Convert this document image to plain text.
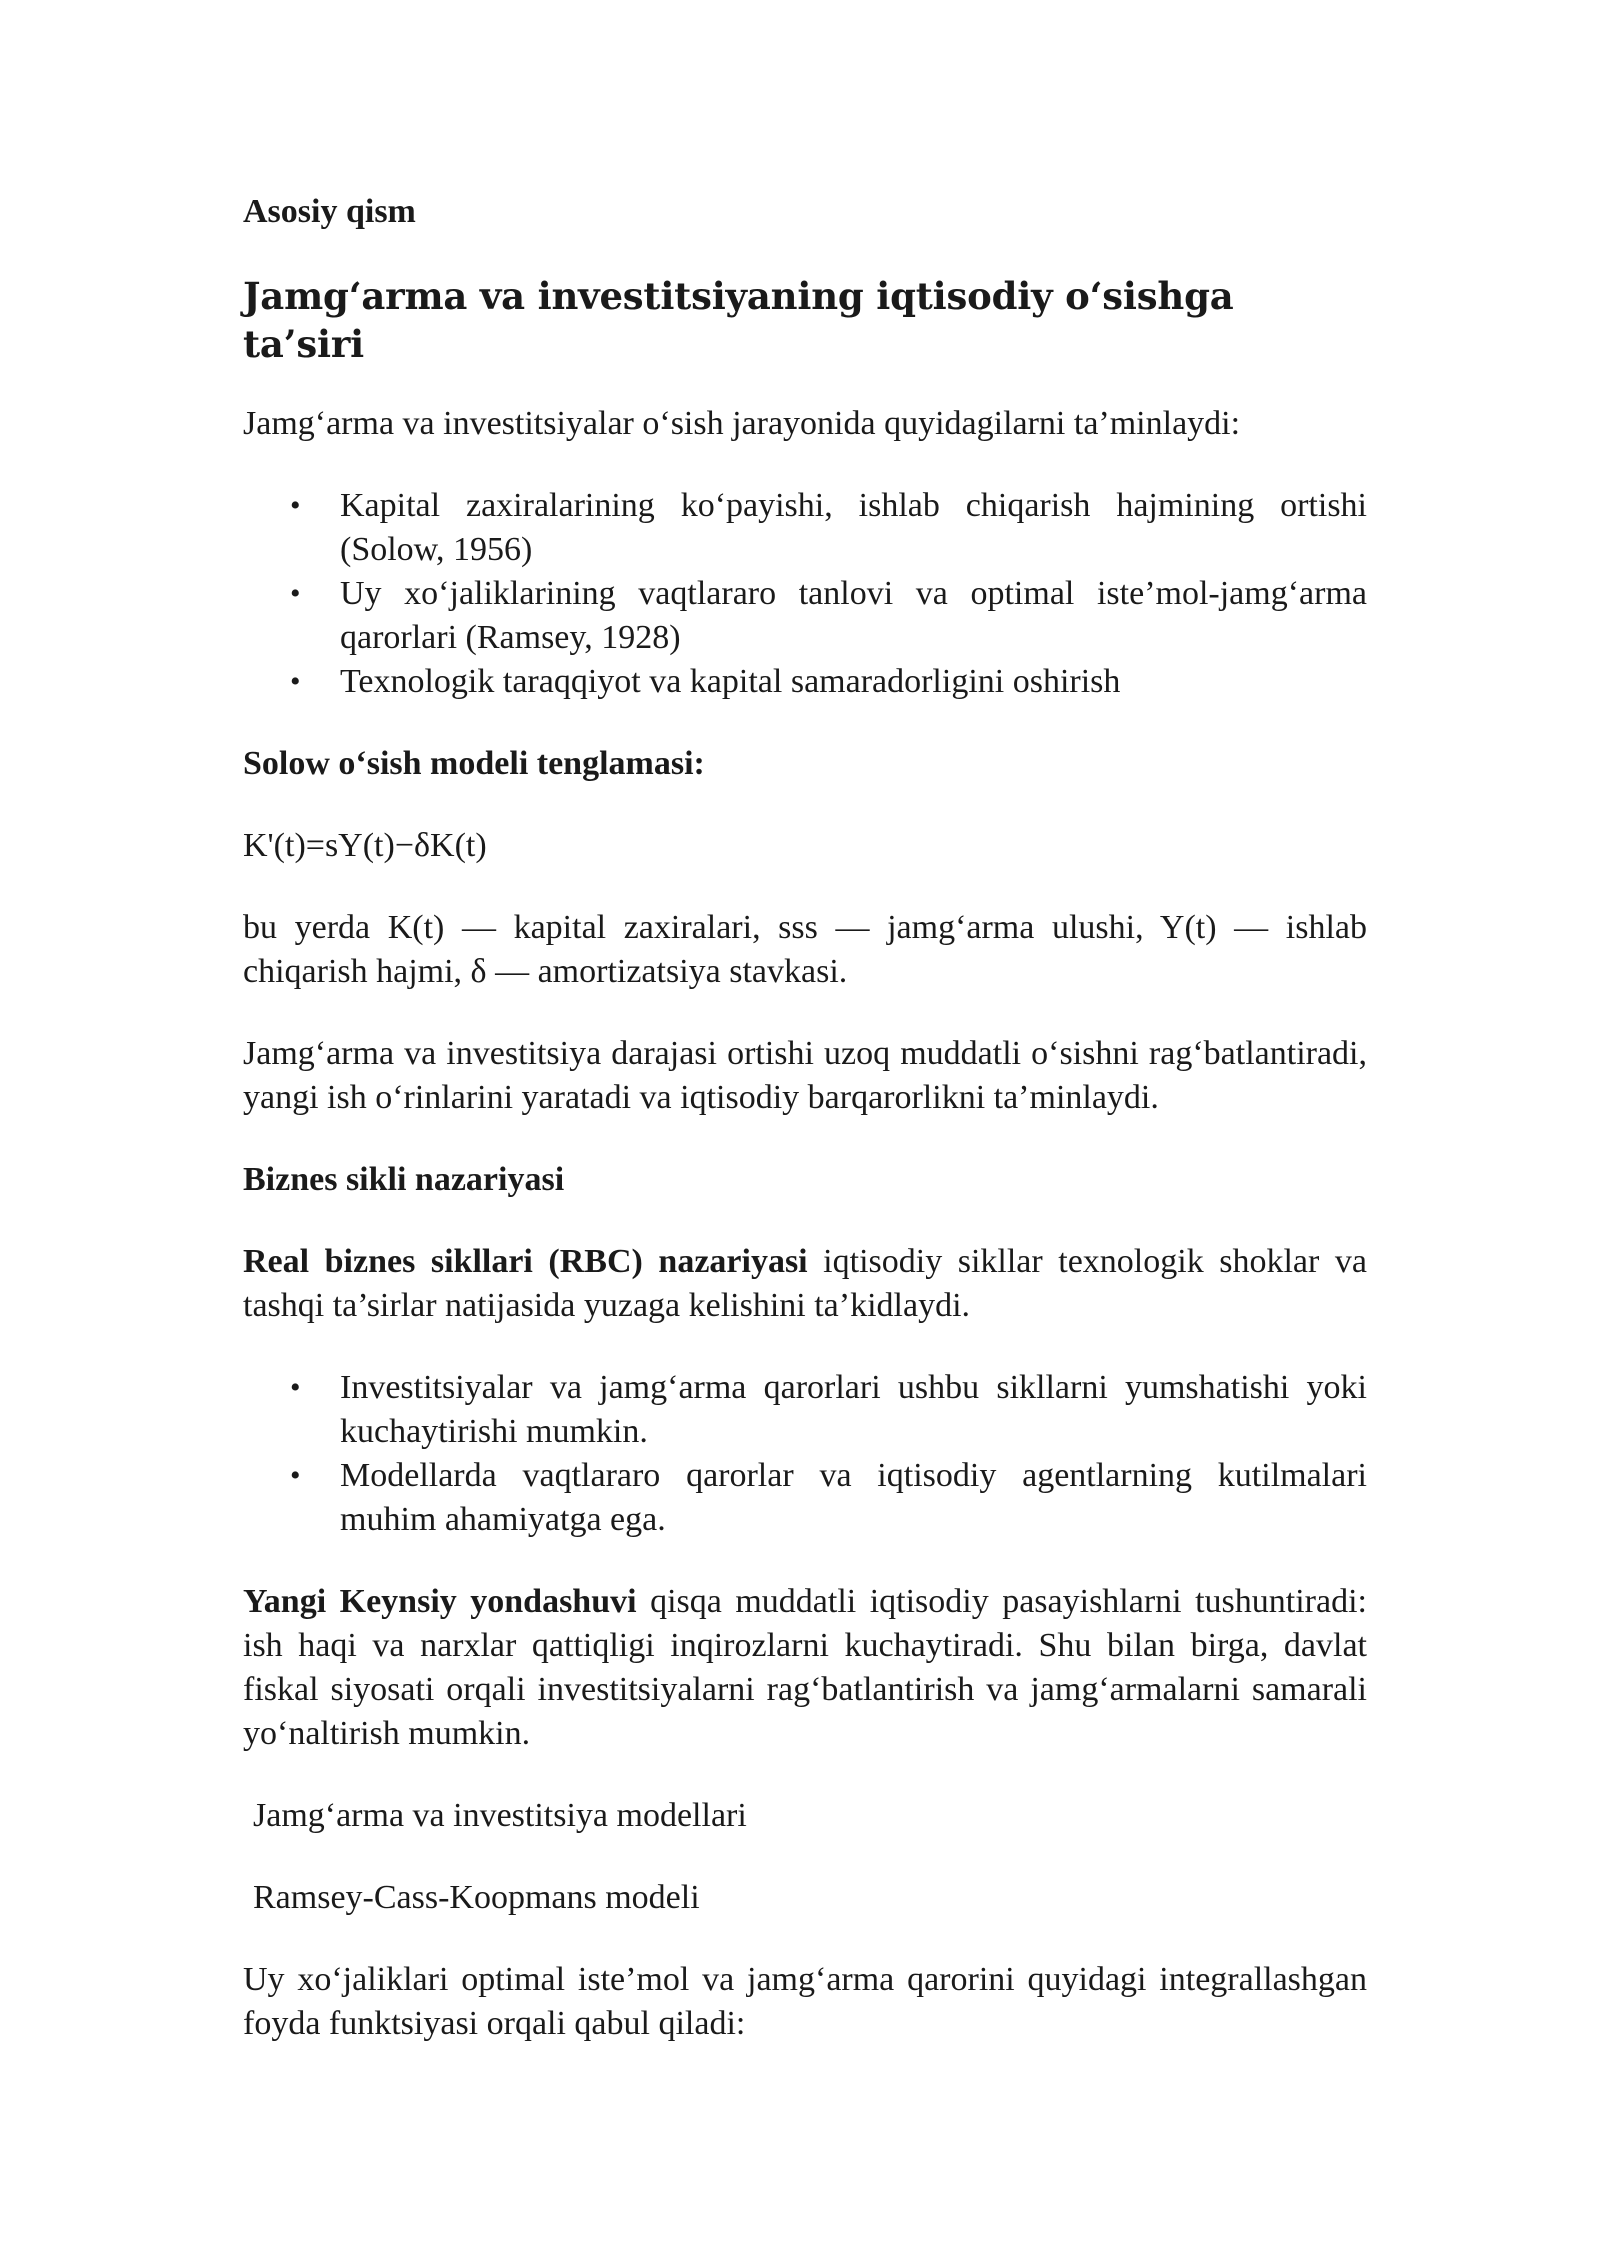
Asosiy qism
Jamg‘arma va investitsiyaning iqtisodiy o‘sishga ta’siri

Jamg‘arma va investitsiyalar o‘sish jarayonida quyidagilarni ta’minlaydi:

• Kapital zaxiralarining ko‘payishi, ishlab chiqarish hajmining ortishi (Solow, 1956)
• Uy xo‘jaliklarining vaqtlararo tanlovi va optimal iste’mol-jamg‘arma qarorlari (Ramsey, 1928)
• Texnologik taraqqiyot va kapital samaradorligini oshirish
Solow o‘sish modeli tenglamasi:
K'(t)=sY(t)−δK(t)

bu yerda K(t) — kapital zaxiralari, sss — jamg‘arma ulushi, Y(t) — ishlab chiqarish hajmi, δ — amortizatsiya stavkasi.

Jamg‘arma va investitsiya darajasi ortishi uzoq muddatli o‘sishni rag‘batlantiradi, yangi ish o‘rinlarini yaratadi va iqtisodiy barqarorlikni ta’minlaydi.

Biznes sikli nazariyasi

Real biznes sikllari (RBC) nazariyasi iqtisodiy sikllar texnologik shoklar va tashqi ta’sirlar natijasida yuzaga kelishini ta’kidlaydi.

• Investitsiyalar va jamg‘arma qarorlari ushbu sikllarni yumshatishi yoki kuchaytirishi mumkin.
• Modellarda vaqtlararo qarorlar va iqtisodiy agentlarning kutilmalari muhim ahamiyatga ega.

Yangi Keynsiy yondashuvi qisqa muddatli iqtisodiy pasayishlarni tushuntiradi: ish haqi va narxlar qattiqligi inqirozlarni kuchaytiradi. Shu bilan birga, davlat fiskal siyosati orqali investitsiyalarni rag‘batlantirish va jamg‘armalarni samarali yo‘naltirish mumkin.

Jamg‘arma va investitsiya modellari

Ramsey-Cass-Koopmans modeli

Uy xo‘jaliklari optimal iste’mol va jamg‘arma qarorini quyidagi integrallashgan foyda funktsiyasi orqali qabul qiladi:
